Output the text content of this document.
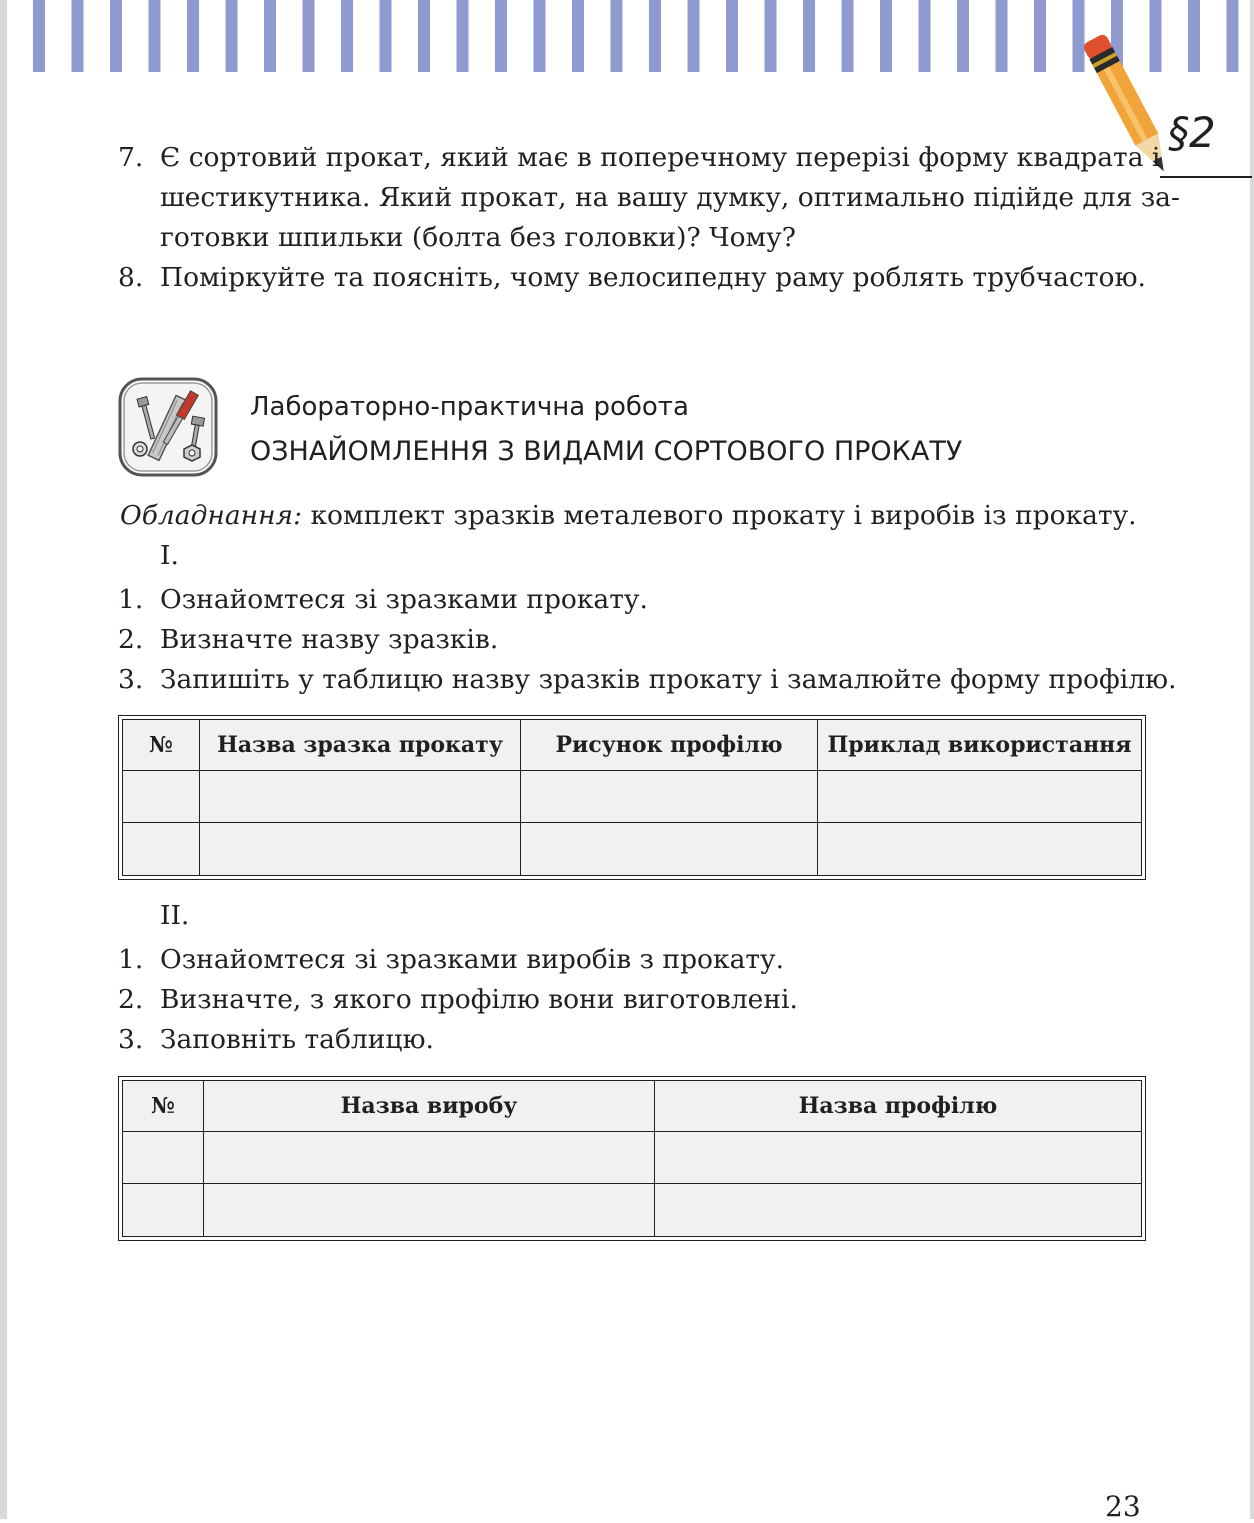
§2
7. Є сортовий прокат, який має в поперечному перерізі форму квадрата і
шестикутника. Який прокат, на вашу думку, оптимально підійде для за-
готовки шпильки (болта без головки)? Чому?
8. Поміркуйте та поясніть, чому велосипедну раму роблять трубчастою.
Лабораторно-практична робота
ОЗНАЙОМЛЕННЯ З ВИДАМИ СОРТОВОГО ПРОКАТУ
Обладнання: комплект зразків металевого прокату і виробів із прокату.
I.
1. Ознайомтеся зі зразками прокату.
2. Визначте назву зразків.
3. Запишіть у таблицю назву зразків прокату і замалюйте форму профілю.
№	Назва зразка прокату	Рисунок профілю	Приклад використання

II.
1. Ознайомтеся зі зразками виробів з прокату.
2. Визначте, з якого профілю вони виготовлені.
3. Заповніть таблицю.
№	Назва виробу	Назва профілю

23
